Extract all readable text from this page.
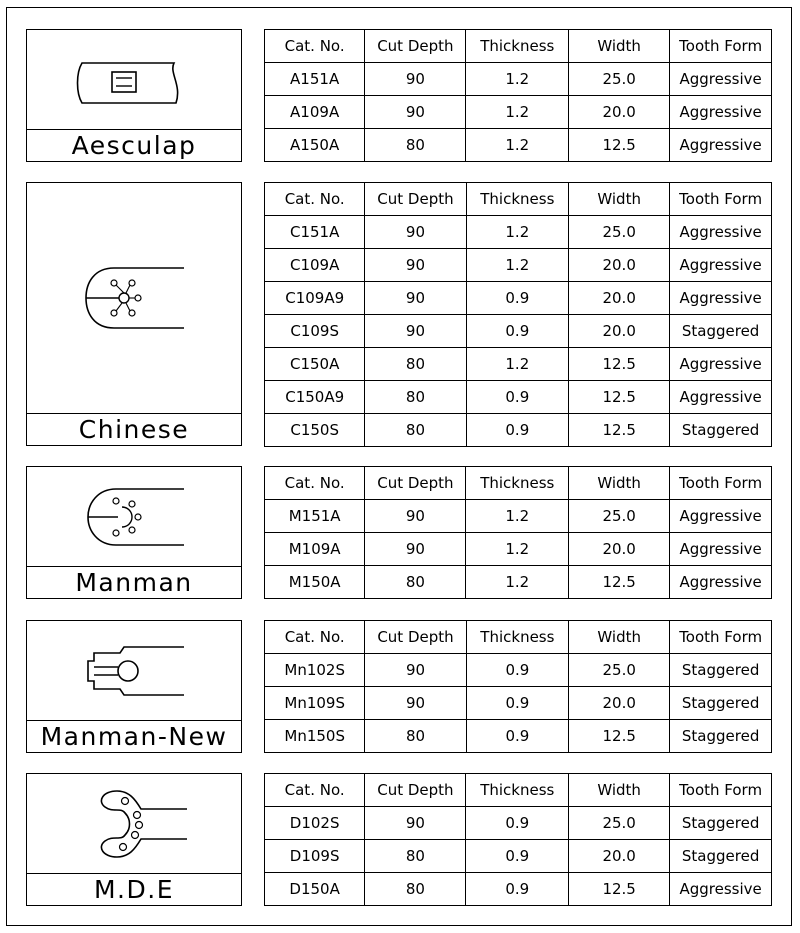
Aesculap
Cat. No.	Cut Depth	Thickness	Width	Tooth Form
A151A	90	1.2	25.0	Aggressive
A109A	90	1.2	20.0	Aggressive
A150A	80	1.2	12.5	Aggressive
Chinese
Cat. No.	Cut Depth	Thickness	Width	Tooth Form
C151A	90	1.2	25.0	Aggressive
C109A	90	1.2	20.0	Aggressive
C109A9	90	0.9	20.0	Aggressive
C109S	90	0.9	20.0	Staggered
C150A	80	1.2	12.5	Aggressive
C150A9	80	0.9	12.5	Aggressive
C150S	80	0.9	12.5	Staggered
Manman
Cat. No.	Cut Depth	Thickness	Width	Tooth Form
M151A	90	1.2	25.0	Aggressive
M109A	90	1.2	20.0	Aggressive
M150A	80	1.2	12.5	Aggressive
Manman-New
Cat. No.	Cut Depth	Thickness	Width	Tooth Form
Mn102S	90	0.9	25.0	Staggered
Mn109S	90	0.9	20.0	Staggered
Mn150S	80	0.9	12.5	Staggered
M.D.E
Cat. No.	Cut Depth	Thickness	Width	Tooth Form
D102S	90	0.9	25.0	Staggered
D109S	80	0.9	20.0	Staggered
D150A	80	0.9	12.5	Aggressive
